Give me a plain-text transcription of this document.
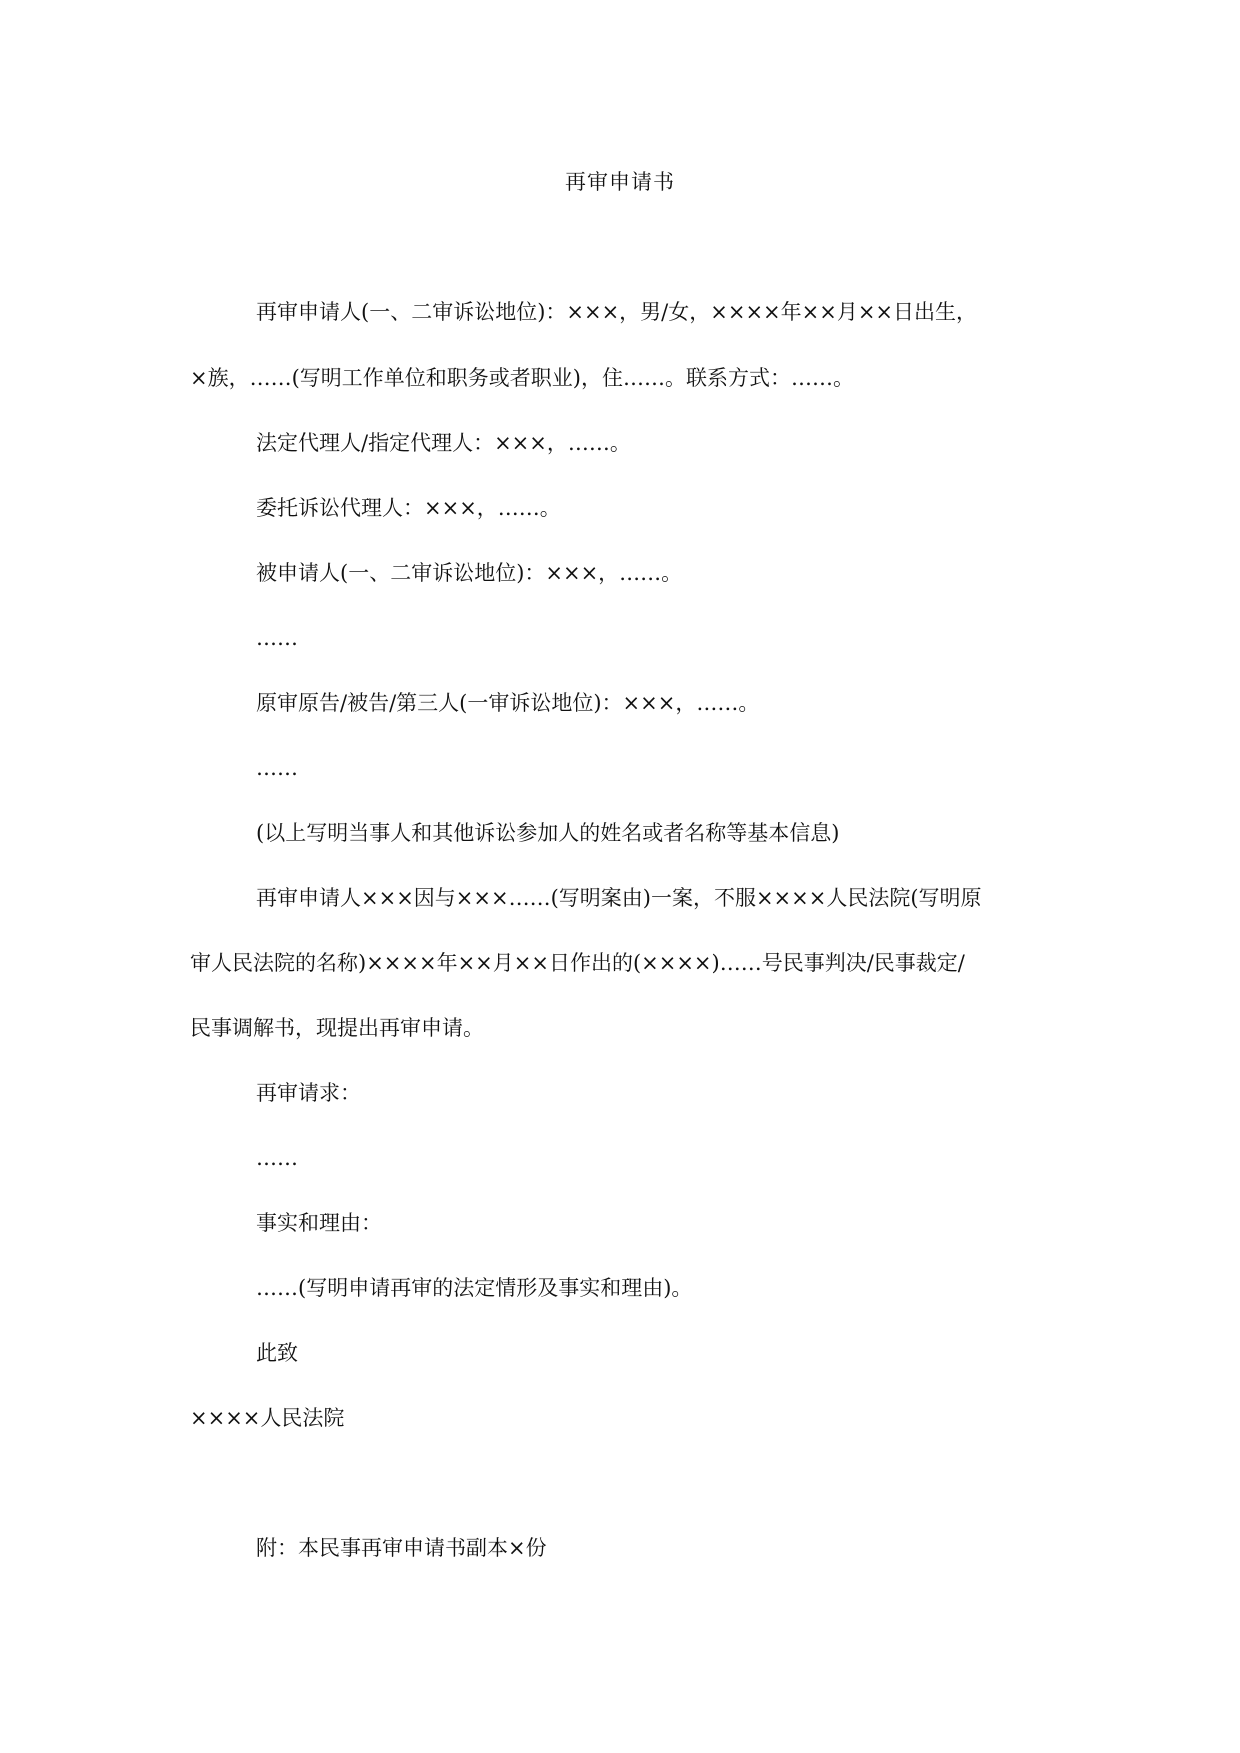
再审申请书
再审申请人(一、二审诉讼地位)：×××，男/女，××××年××月××日出生，
×族，……(写明工作单位和职务或者职业)，住……。联系方式：……。
法定代理人/指定代理人：×××，……。
委托诉讼代理人：×××，……。
被申请人(一、二审诉讼地位)：×××，……。
……
原审原告/被告/第三人(一审诉讼地位)：×××，……。
……
(以上写明当事人和其他诉讼参加人的姓名或者名称等基本信息)
再审申请人×××因与×××……(写明案由)一案，不服××××人民法院(写明原
审人民法院的名称)××××年××月××日作出的(××××)……号民事判决/民事裁定/
民事调解书，现提出再审申请。
再审请求：
……
事实和理由：
……(写明申请再审的法定情形及事实和理由)。
此致
××××人民法院
附：本民事再审申请书副本×份
